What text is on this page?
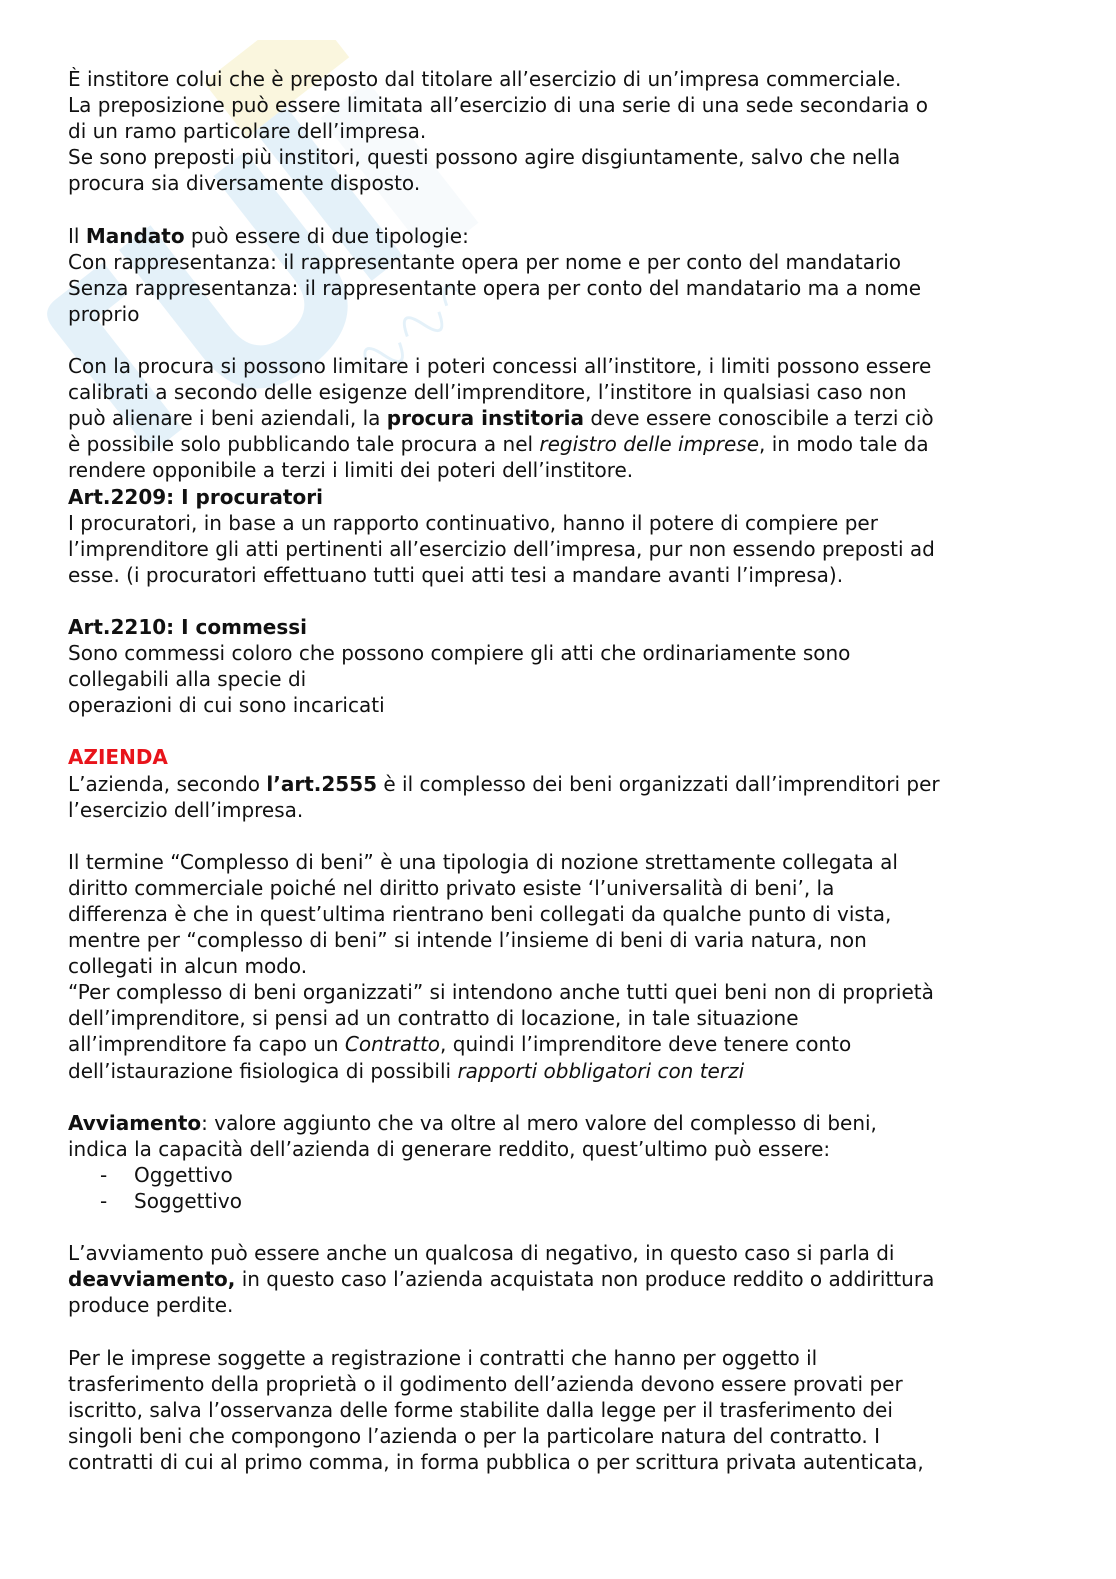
È institore colui che è preposto dal titolare all’esercizio di un’impresa commerciale.
La preposizione può essere limitata all’esercizio di una serie di una sede secondaria o
di un ramo particolare dell’impresa.
Se sono preposti più institori, questi possono agire disgiuntamente, salvo che nella
procura sia diversamente disposto.
Il Mandato può essere di due tipologie:
Con rappresentanza: il rappresentante opera per nome e per conto del mandatario
Senza rappresentanza: il rappresentante opera per conto del mandatario ma a nome
proprio
Con la procura si possono limitare i poteri concessi all’institore, i limiti possono essere
calibrati a secondo delle esigenze dell’imprenditore, l’institore in qualsiasi caso non
può alienare i beni aziendali, la procura institoria deve essere conoscibile a terzi ciò
è possibile solo pubblicando tale procura a nel registro delle imprese, in modo tale da
rendere opponibile a terzi i limiti dei poteri dell’institore.
Art.2209: I procuratori
I procuratori, in base a un rapporto continuativo, hanno il potere di compiere per
l’imprenditore gli atti pertinenti all’esercizio dell’impresa, pur non essendo preposti ad
esse. (i procuratori effettuano tutti quei atti tesi a mandare avanti l’impresa).
Art.2210: I commessi
Sono commessi coloro che possono compiere gli atti che ordinariamente sono
collegabili alla specie di
operazioni di cui sono incaricati
AZIENDA
L’azienda, secondo l’art.2555 è il complesso dei beni organizzati dall’imprenditori per
l’esercizio dell’impresa.
Il termine “Complesso di beni” è una tipologia di nozione strettamente collegata al
diritto commerciale poiché nel diritto privato esiste ‘l’universalità di beni’, la
differenza è che in quest’ultima rientrano beni collegati da qualche punto di vista,
mentre per “complesso di beni” si intende l’insieme di beni di varia natura, non
collegati in alcun modo.
“Per complesso di beni organizzati” si intendono anche tutti quei beni non di proprietà
dell’imprenditore, si pensi ad un contratto di locazione, in tale situazione
all’imprenditore fa capo un Contratto, quindi l’imprenditore deve tenere conto
dell’istaurazione fisiologica di possibili rapporti obbligatori con terzi
Avviamento: valore aggiunto che va oltre al mero valore del complesso di beni,
indica la capacità dell’azienda di generare reddito, quest’ultimo può essere:
- Oggettivo
- Soggettivo
L’avviamento può essere anche un qualcosa di negativo, in questo caso si parla di
deavviamento, in questo caso l’azienda acquistata non produce reddito o addirittura
produce perdite.
Per le imprese soggette a registrazione i contratti che hanno per oggetto il
trasferimento della proprietà o il godimento dell’azienda devono essere provati per
iscritto, salva l’osservanza delle forme stabilite dalla legge per il trasferimento dei
singoli beni che compongono l’azienda o per la particolare natura del contratto. I
contratti di cui al primo comma, in forma pubblica o per scrittura privata autenticata,
